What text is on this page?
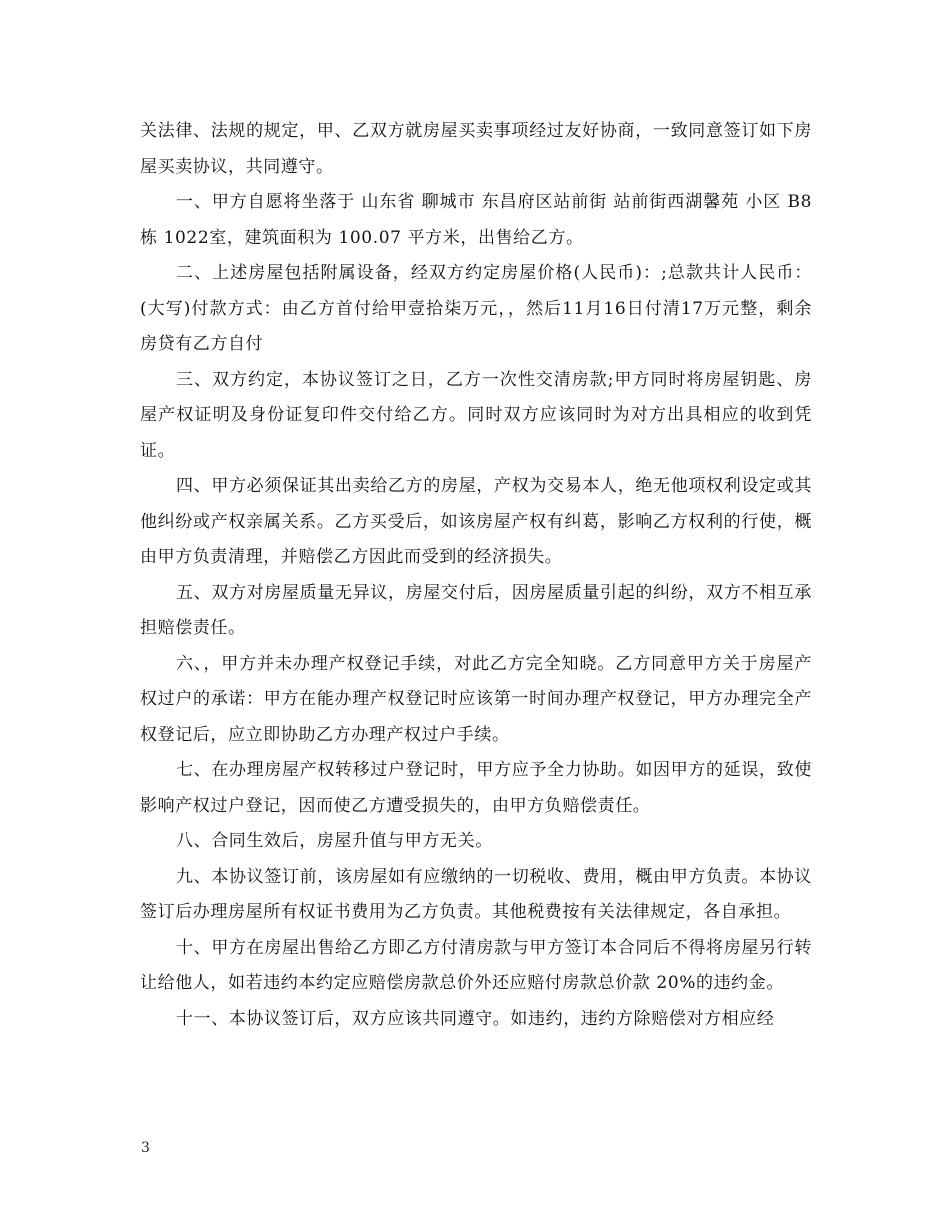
关法律、法规的规定，甲、乙双方就房屋买卖事项经过友好协商，一致同意签订如下房屋买卖协议，共同遵守。

一、甲方自愿将坐落于 山东省 聊城市 东昌府区站前街 站前街西湖馨苑 小区 B8 栋 1022室，建筑面积为 100.07 平方米，出售给乙方。

二、上述房屋包括附属设备，经双方约定房屋价格(人民币)：;总款共计人民币： (大写)付款方式：由乙方首付给甲壹拾柒万元，，然后11月16日付清17万元整，剩余房贷有乙方自付

三、双方约定，本协议签订之日，乙方一次性交清房款;甲方同时将房屋钥匙、房屋产权证明及身份证复印件交付给乙方。同时双方应该同时为对方出具相应的收到凭证。

四、甲方必须保证其出卖给乙方的房屋，产权为交易本人，绝无他项权利设定或其他纠纷或产权亲属关系。乙方买受后，如该房屋产权有纠葛，影响乙方权利的行使，概由甲方负责清理，并赔偿乙方因此而受到的经济损失。

五、双方对房屋质量无异议，房屋交付后，因房屋质量引起的纠纷，双方不相互承担赔偿责任。

六、，甲方并未办理产权登记手续，对此乙方完全知晓。乙方同意甲方关于房屋产权过户的承诺：甲方在能办理产权登记时应该第一时间办理产权登记，甲方办理完全产权登记后，应立即协助乙方办理产权过户手续。

七、在办理房屋产权转移过户登记时，甲方应予全力协助。如因甲方的延误，致使影响产权过户登记，因而使乙方遭受损失的，由甲方负赔偿责任。

八、合同生效后，房屋升值与甲方无关。

九、本协议签订前，该房屋如有应缴纳的一切税收、费用，概由甲方负责。本协议签订后办理房屋所有权证书费用为乙方负责。其他税费按有关法律规定，各自承担。

十、甲方在房屋出售给乙方即乙方付清房款与甲方签订本合同后不得将房屋另行转让给他人，如若违约本约定应赔偿房款总价外还应赔付房款总价款 20%的违约金。

十一、本协议签订后，双方应该共同遵守。如违约，违约方除赔偿对方相应经

3
